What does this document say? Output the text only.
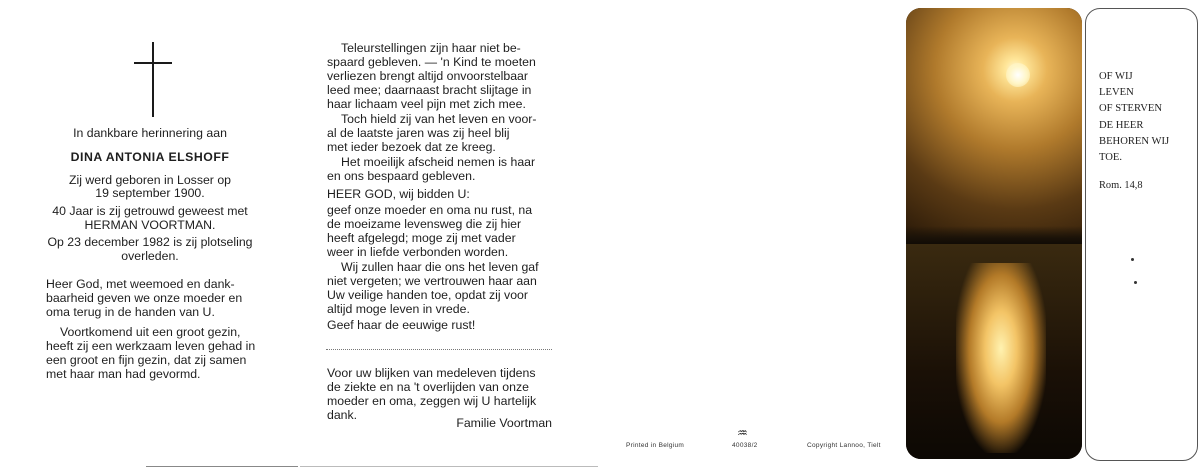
In dankbare herinnering aan
DINA ANTONIA ELSHOFF
Zij werd geboren in Losser op
19 september 1900.
40 Jaar is zij getrouwd geweest met
HERMAN VOORTMAN.
Op 23 december 1982 is zij plotseling
overleden.
Heer God, met weemoed en dank-
baarheid geven we onze moeder en
oma terug in de handen van U.
Voortkomend uit een groot gezin,
heeft zij een werkzaam leven gehad in
een groot en fijn gezin, dat zij samen
met haar man had gevormd.
Teleurstellingen zijn haar niet be-
spaard gebleven. — 'n Kind te moeten
verliezen brengt altijd onvoorstelbaar
leed mee; daarnaast bracht slijtage in
haar lichaam veel pijn met zich mee.
Toch hield zij van het leven en voor-
al de laatste jaren was zij heel blij
met ieder bezoek dat ze kreeg.
Het moeilijk afscheid nemen is haar
en ons bespaard gebleven.
HEER GOD, wij bidden U:
geef onze moeder en oma nu rust, na
de moeizame levensweg die zij hier
heeft afgelegd; moge zij met vader
weer in liefde verbonden worden.
Wij zullen haar die ons het leven gaf
niet vergeten; we vertrouwen haar aan
Uw veilige handen toe, opdat zij voor
altijd moge leven in vrede.
Geef haar de eeuwige rust!
Voor uw blijken van medeleven tijdens
de ziekte en na 't overlijden van onze
moeder en oma, zeggen wij U hartelijk
dank.
Familie Voortman
Printed in Belgium
♒
40038/2	Copyright Lannoo, Tielt
OF WIJ
LEVEN
OF STERVEN
DE HEER
BEHOREN WIJ
TOE.
Rom. 14,8
